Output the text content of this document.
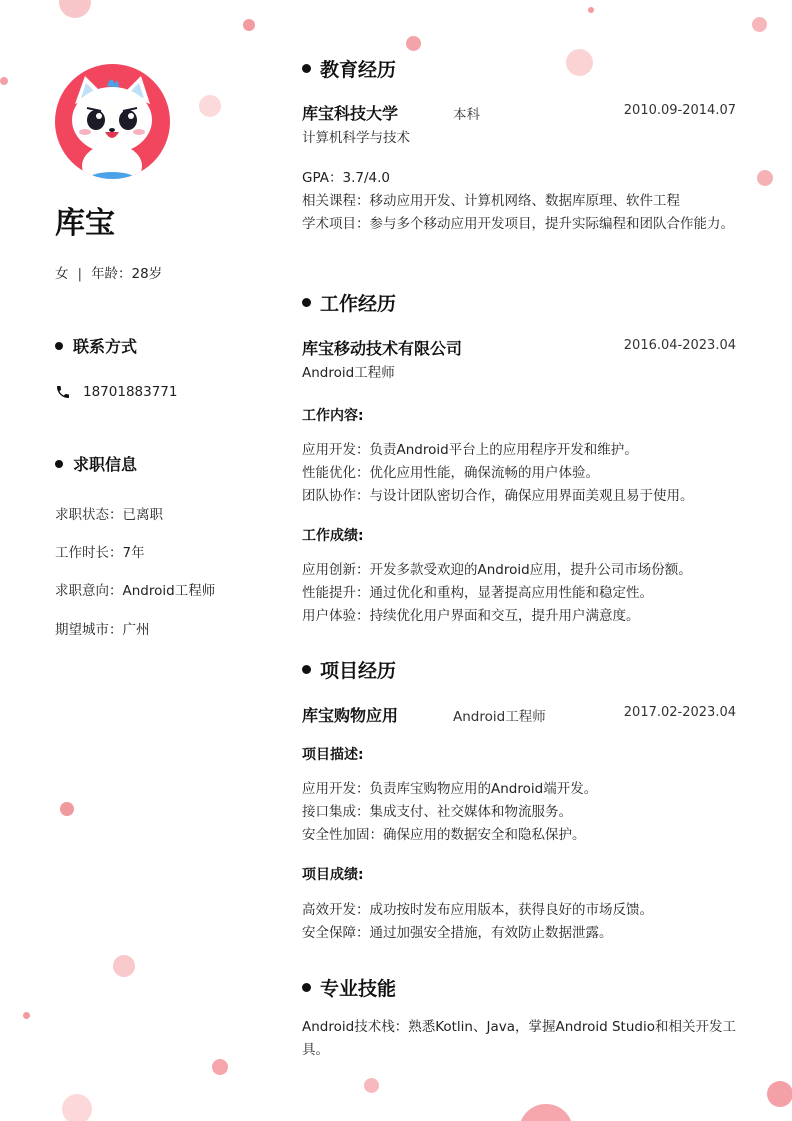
库宝
女 | 年龄：28岁
联系方式
18701883771
求职信息
求职状态：已离职
工作时长：7年
求职意向：Android工程师
期望城市：广州
教育经历
库宝科技大学	本科	2010.09-2014.07
计算机科学与技术
GPA：3.7/4.0
相关课程：移动应用开发、计算机网络、数据库原理、软件工程
学术项目：参与多个移动应用开发项目，提升实际编程和团队合作能力。
工作经历
库宝移动技术有限公司	2016.04-2023.04
Android工程师
工作内容:
应用开发：负责Android平台上的应用程序开发和维护。
性能优化：优化应用性能，确保流畅的用户体验。
团队协作：与设计团队密切合作，确保应用界面美观且易于使用。
工作成绩:
应用创新：开发多款受欢迎的Android应用，提升公司市场份额。
性能提升：通过优化和重构，显著提高应用性能和稳定性。
用户体验：持续优化用户界面和交互，提升用户满意度。
项目经历
库宝购物应用	Android工程师	2017.02-2023.04
项目描述:
应用开发：负责库宝购物应用的Android端开发。
接口集成：集成支付、社交媒体和物流服务。
安全性加固：确保应用的数据安全和隐私保护。
项目成绩:
高效开发：成功按时发布应用版本，获得良好的市场反馈。
安全保障：通过加强安全措施，有效防止数据泄露。
专业技能
Android技术栈：熟悉Kotlin、Java，掌握Android Studio和相关开发工具。
